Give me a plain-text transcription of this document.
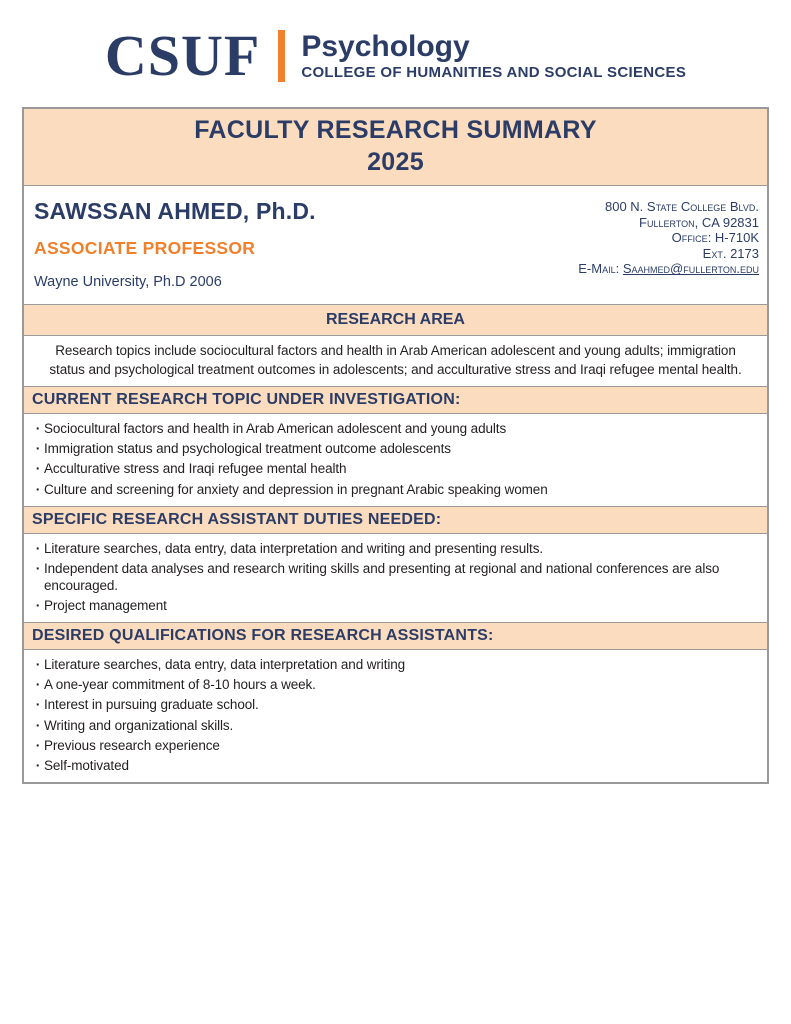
CSUF Psychology
COLLEGE OF HUMANITIES AND SOCIAL SCIENCES
FACULTY RESEARCH SUMMARY
2025
SAWSSAN AHMED, Ph.D.
ASSOCIATE PROFESSOR
Wayne University, Ph.D 2006
800 N. State College Blvd.
Fullerton, CA 92831
Office: H-710K
Ext. 2173
E-Mail: Saahmed@fullerton.edu
RESEARCH AREA

Research topics include sociocultural factors and health in Arab American adolescent and young adults; immigration status and psychological treatment outcomes in adolescents; and acculturative stress and Iraqi refugee mental health.

CURRENT RESEARCH TOPIC UNDER INVESTIGATION:
· Sociocultural factors and health in Arab American adolescent and young adults
· Immigration status and psychological treatment outcome adolescents
· Acculturative stress and Iraqi refugee mental health
· Culture and screening for anxiety and depression in pregnant Arabic speaking women
SPECIFIC RESEARCH ASSISTANT DUTIES NEEDED:
· Literature searches, data entry, data interpretation and writing and presenting results.
· Independent data analyses and research writing skills and presenting at regional and national conferences are also encouraged.
· Project management
DESIRED QUALIFICATIONS FOR RESEARCH ASSISTANTS:
· Literature searches, data entry, data interpretation and writing
· A one-year commitment of 8-10 hours a week.
· Interest in pursuing graduate school.
· Writing and organizational skills.
· Previous research experience
· Self-motivated
